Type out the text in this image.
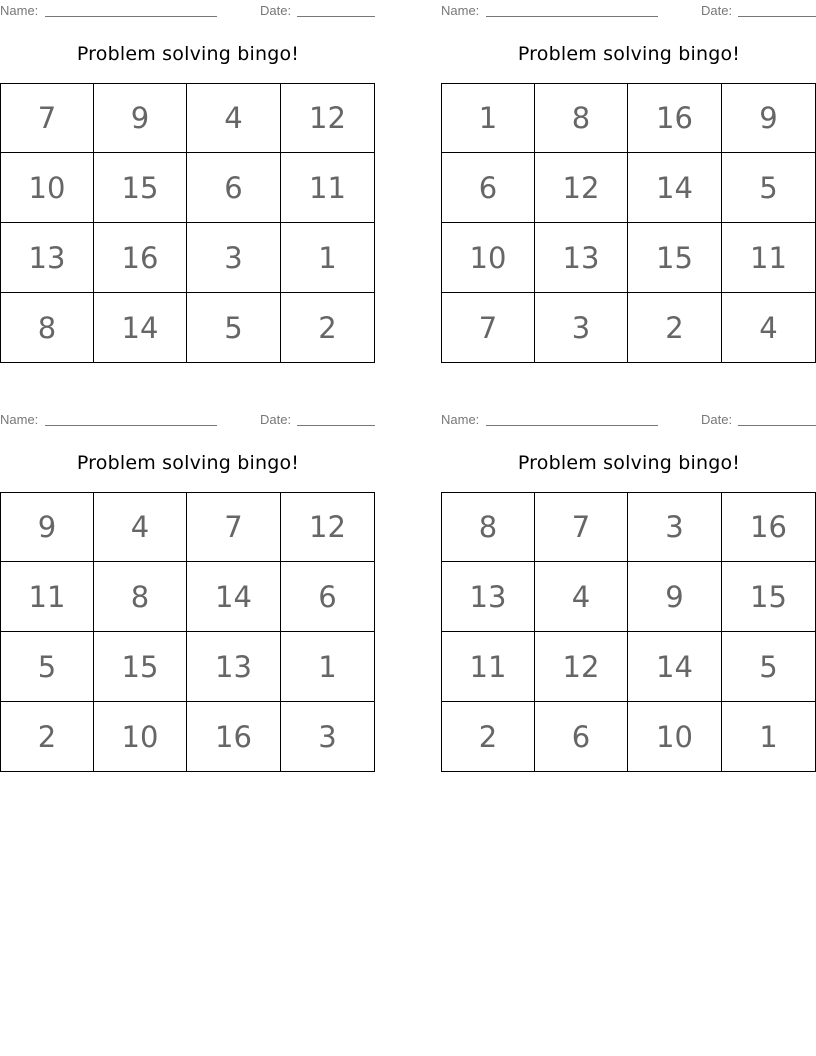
Name:	Date:
Problem solving bingo!
7	9	4	12
10	15	6	11
13	16	3	1
8	14	5	2
Name:	Date:
Problem solving bingo!
1	8	16	9
6	12	14	5
10	13	15	11
7	3	2	4
Name:	Date:
Problem solving bingo!
9	4	7	12
11	8	14	6
5	15	13	1
2	10	16	3
Name:	Date:
Problem solving bingo!
8	7	3	16
13	4	9	15
11	12	14	5
2	6	10	1
